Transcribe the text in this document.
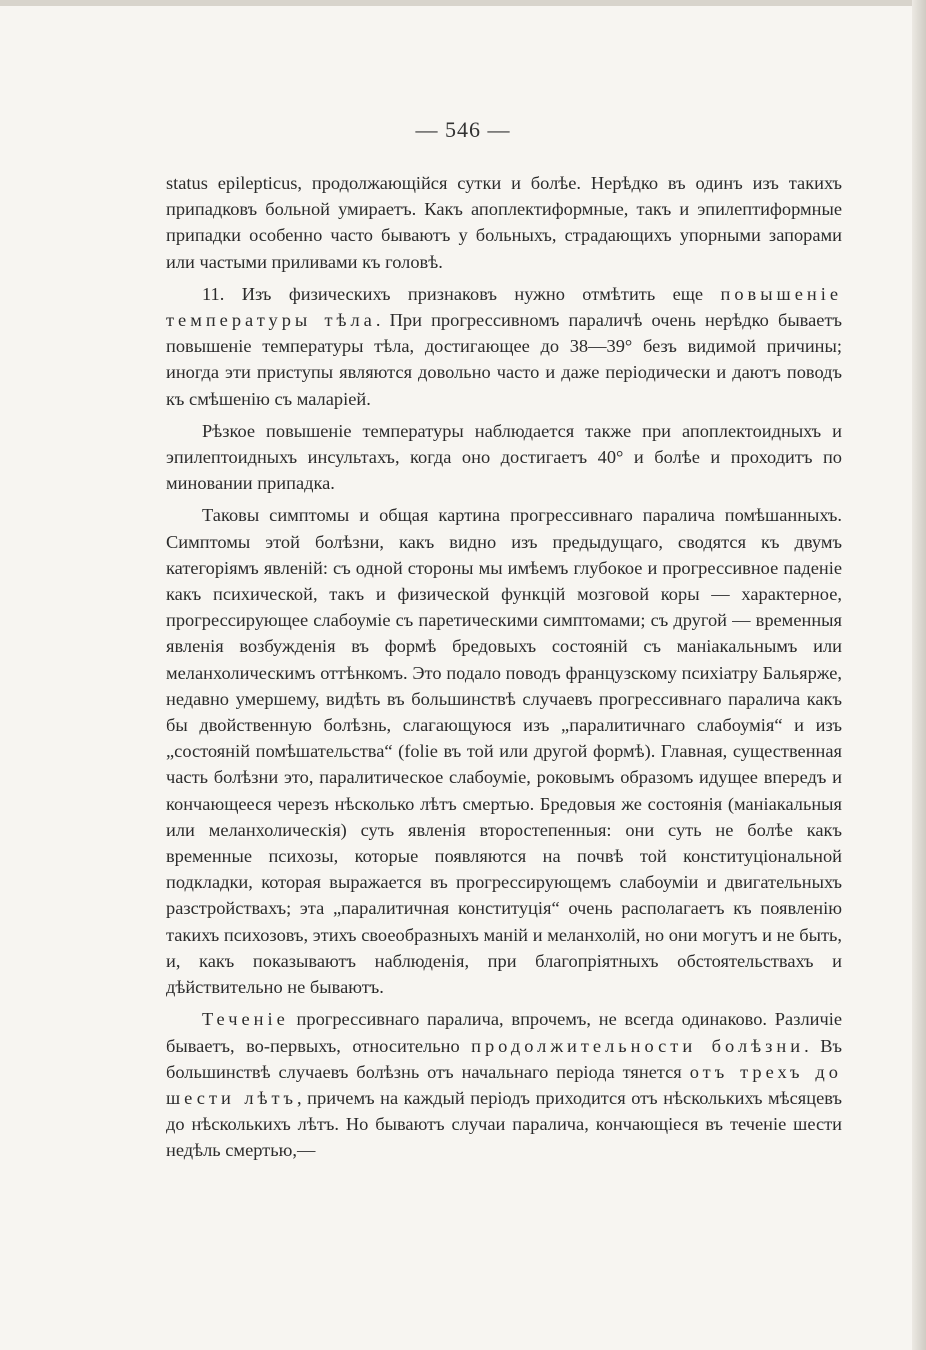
— 546 —

status epilepticus, продолжающійся сутки и болѣе. Нерѣдко въ одинъ изъ такихъ припадковъ больной умираетъ. Какъ апоплектиформные, такъ и эпилептиформные припадки особенно часто бываютъ у больныхъ, страдающихъ упорными запорами или частыми приливами къ головѣ.

11. Изъ физическихъ признаковъ нужно отмѣтить еще повышеніе температуры тѣла. При прогрессивномъ параличѣ очень нерѣдко бываетъ повышеніе температуры тѣла, достигающее до 38—39° безъ видимой причины; иногда эти приступы являются довольно часто и даже періодически и даютъ поводъ къ смѣшенію съ маларіей.

Рѣзкое повышеніе температуры наблюдается также при апоплектоидныхъ и эпилептоидныхъ инсультахъ, когда оно достигаетъ 40° и болѣе и проходитъ по миновании припадка.

Таковы симптомы и общая картина прогрессивнаго паралича помѣшанныхъ. Симптомы этой болѣзни, какъ видно изъ предыдущаго, сводятся къ двумъ категоріямъ явленій: съ одной стороны мы имѣемъ глубокое и прогрессивное паденіе какъ психической, такъ и физической функцій мозговой коры — характерное, прогрессирующее слабоуміе съ паретическими симптомами; съ другой — временныя явленія возбужденія въ формѣ бредовыхъ состояній съ маніакальнымъ или меланхолическимъ оттѣнкомъ. Это подало поводъ французскому психіатру Бальярже, недавно умершему, видѣть въ большинствѣ случаевъ прогрессивнаго паралича какъ бы двойственную болѣзнь, слагающуюся изъ „паралитичнаго слабоумія“ и изъ „состояній помѣшательства“ (folie въ той или другой формѣ). Главная, существенная часть болѣзни это, паралитическое слабоуміе, роковымъ образомъ идущее впередъ и кончающееся черезъ нѣсколько лѣтъ смертью. Бредовыя же состоянія (маніакальныя или меланхолическія) суть явленія второстепенныя: они суть не болѣе какъ временные психозы, которые появляются на почвѣ той конституціональной подкладки, которая выражается въ прогрессирующемъ слабоуміи и двигательныхъ разстройствахъ; эта „паралитичная конституція“ очень располагаетъ къ появленію такихъ психозовъ, этихъ своеобразныхъ маній и меланхолій, но они могутъ и не быть, и, какъ показываютъ наблюденія, при благопріятныхъ обстоятельствахъ и дѣйствительно не бываютъ.

Теченіе прогрессивнаго паралича, впрочемъ, не всегда одинаково. Различіе бываетъ, во-первыхъ, относительно продолжительности болѣзни. Въ большинствѣ случаевъ болѣзнь отъ начальнаго періода тянется отъ трехъ до шести лѣтъ, причемъ на каждый періодъ приходится отъ нѣсколькихъ мѣсяцевъ до нѣсколькихъ лѣтъ. Но бываютъ случаи паралича, кончающіеся въ теченіе шести недѣль смертью,—
